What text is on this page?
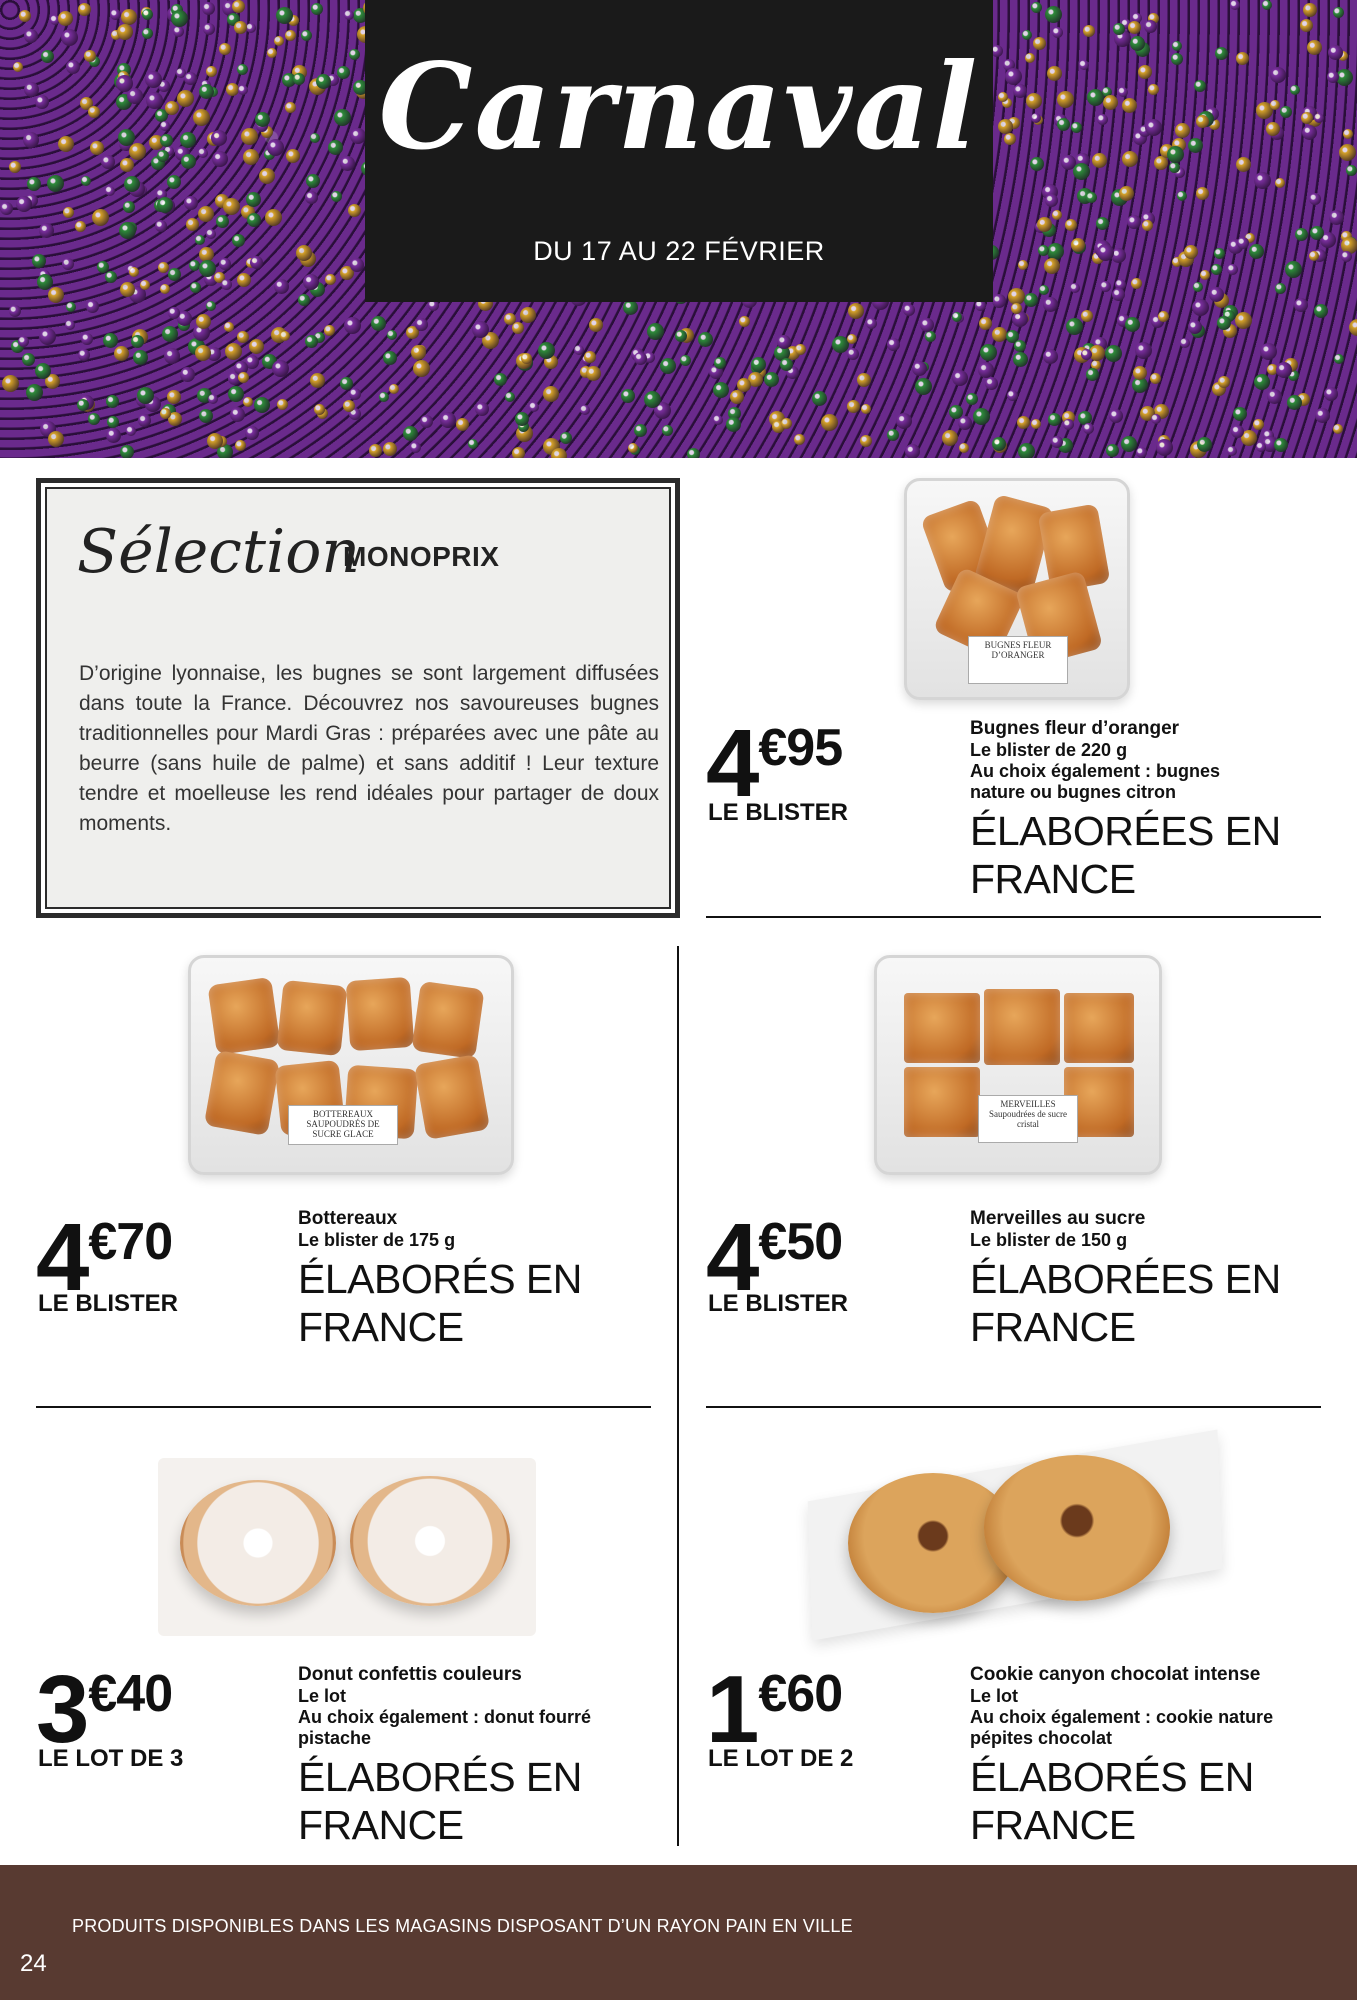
Carnaval
DU 17 AU 22 FÉVRIER
Sélection
MONOPRIX
D’origine lyonnaise, les bugnes se sont largement diffusées dans toute la France. Découvrez nos savoureuses bugnes traditionnelles pour Mardi Gras : préparées avec une pâte au beurre (sans huile de palme) et sans additif ! Leur texture tendre et moelleuse les rend idéales pour partager de doux moments.
BUGNES FLEUR D’ORANGER
4€95
LE BLISTER
Bugnes fleur d’oranger
Le blister de 220 g
Au choix également : bugnes
nature ou bugnes citron
ÉLABORÉES EN
FRANCE
BOTTEREAUX SAUPOUDRÉS DE SUCRE GLACE
4€70
LE BLISTER
Bottereaux
Le blister de 175 g
ÉLABORÉS EN
FRANCE
MERVEILLES Saupoudrées de sucre cristal
4€50
LE BLISTER
Merveilles au sucre
Le blister de 150 g
ÉLABORÉES EN
FRANCE
3€40
LE LOT DE 3
Donut confettis couleurs
Le lot
Au choix également : donut fourré
pistache
ÉLABORÉS EN
FRANCE
1€60
LE LOT DE 2
Cookie canyon chocolat intense
Le lot
Au choix également : cookie nature
pépites chocolat
ÉLABORÉS EN
FRANCE
PRODUITS DISPONIBLES DANS LES MAGASINS DISPOSANT D’UN RAYON PAIN EN VILLE
24
